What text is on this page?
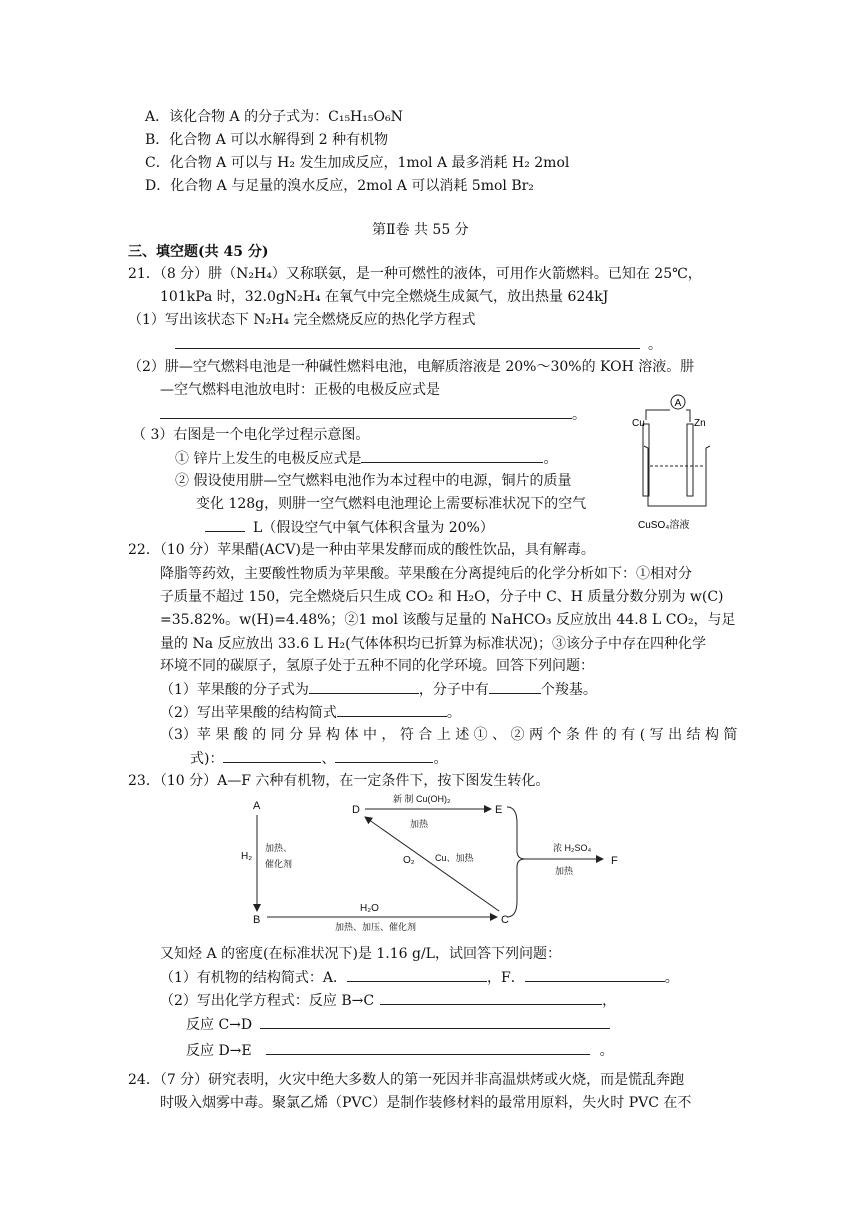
A．该化合物 A 的分子式为：C₁₅H₁₅O₆N
B．化合物 A 可以水解得到 2 种有机物
C．化合物 A 可以与 H₂ 发生加成反应，1mol A 最多消耗 H₂ 2mol
D．化合物 A 与足量的溴水反应，2mol A 可以消耗 5mol Br₂
第Ⅱ卷 共 55 分
三、填空题(共 45 分)
21．（8 分）肼（N₂H₄）又称联氨，是一种可燃性的液体，可用作火箭燃料。已知在 25℃，
101kPa 时，32.0gN₂H₄ 在氧气中完全燃烧生成氮气，放出热量 624kJ
（1）写出该状态下 N₂H₄ 完全燃烧反应的热化学方程式
。
（2）肼—空气燃料电池是一种碱性燃料电池，电解质溶液是 20%～30%的 KOH 溶液。肼
—空气燃料电池放电时：正极的电极反应式是
。
（ 3）右图是一个电化学过程示意图。
① 锌片上发生的电极反应式是	。
② 假设使用肼—空气燃料电池作为本过程中的电源，铜片的质量
变化 128g，则肼一空气燃料电池理论上需要标准状况下的空气
L（假设空气中氧气体积含量为 20%）
A
Cu	Zn
CuSO₄溶液
22．（10 分）苹果醋(ACV)是一种由苹果发酵而成的酸性饮品，具有解毒。
降脂等药效，主要酸性物质为苹果酸。苹果酸在分离提纯后的化学分析如下：①相对分
子质量不超过 150，完全燃烧后只生成 CO₂ 和 H₂O，分子中 C、H 质量分数分别为 w(C)
=35.82%。w(H)=4.48%；②1 mol 该酸与足量的 NaHCO₃ 反应放出 44.8 L CO₂，与足
量的 Na 反应放出 33.6 L H₂(气体体积均已折算为标准状况)；③该分子中存在四种化学
环境不同的碳原子，氢原子处于五种不同的化学环境。回答下列问题：
（1）苹果酸的分子式为	，分子中有	个羧基。
（2）写出苹果酸的结构简式	。
（3）苹 果 酸 的 同 分 异 构 体 中 ， 符 合 上 述 ① 、 ② 两 个 条 件 的 有 ( 写 出 结 构 简
式)：	、	。
23．（10 分）A—F 六种有机物，在一定条件下，按下图发生转化。
A
B
D	E
C
F
H₂
加热、
催化剂
新 制 Cu(OH)₂
加热
O₂ Cu、加热
浓 H₂SO₄
加热
H₂O
加热、加压、催化剂
又知烃 A 的密度(在标准状况下)是 1.16 g/L，试回答下列问题：
（1）有机物的结构简式：A．	，F．	。
（2）写出化学方程式：反应 B→C	，
反应 C→D
反应 D→E	。
24．（7 分）研究表明，火灾中绝大多数人的第一死因并非高温烘烤或火烧，而是慌乱奔跑
时吸入烟雾中毒。聚氯乙烯（PVC）是制作装修材料的最常用原料，失火时 PVC 在不
